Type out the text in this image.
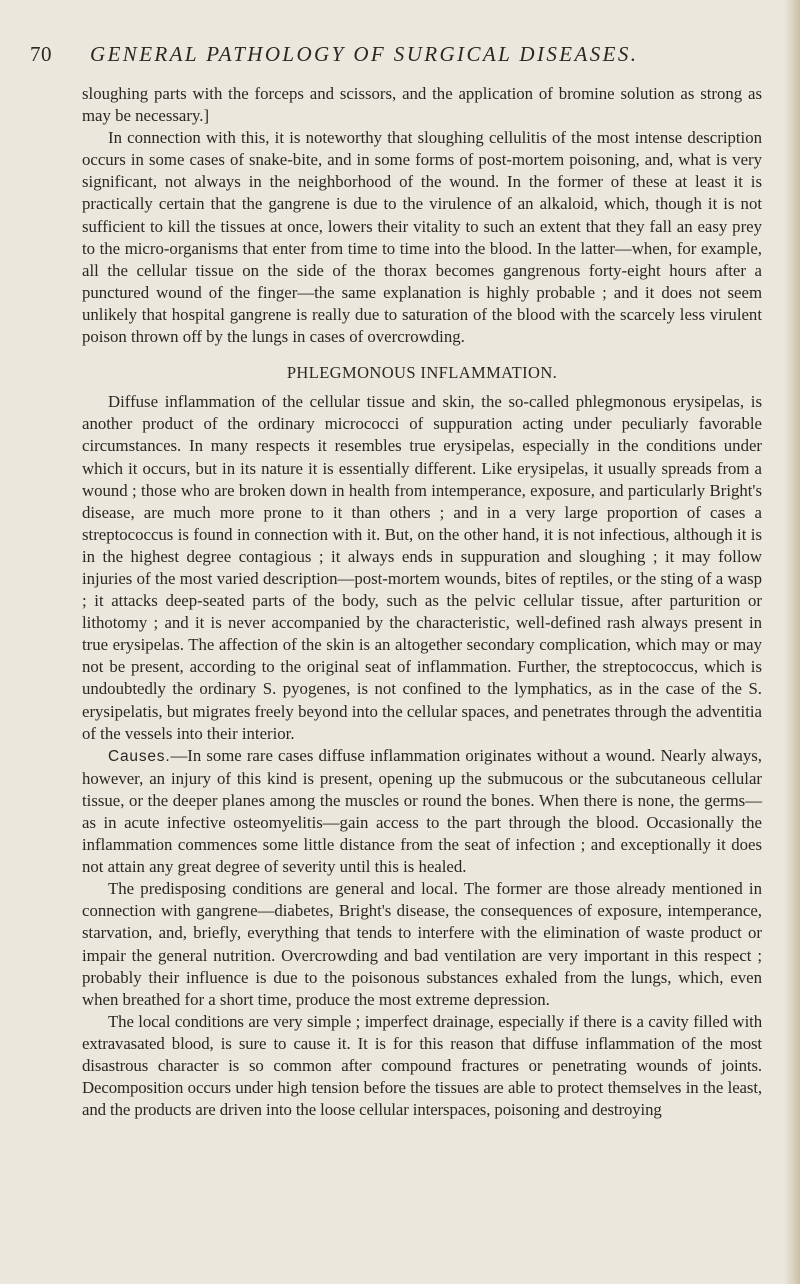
70 GENERAL PATHOLOGY OF SURGICAL DISEASES.

sloughing parts with the forceps and scissors, and the application of bromine solution as strong as may be necessary.]

In connection with this, it is noteworthy that sloughing cellulitis of the most intense description occurs in some cases of snake-bite, and in some forms of post-mortem poisoning, and, what is very significant, not always in the neighborhood of the wound. In the former of these at least it is practically certain that the gangrene is due to the virulence of an alkaloid, which, though it is not sufficient to kill the tissues at once, lowers their vitality to such an extent that they fall an easy prey to the micro-organisms that enter from time to time into the blood. In the latter—when, for example, all the cellular tissue on the side of the thorax becomes gangrenous forty-eight hours after a punctured wound of the finger—the same explanation is highly probable ; and it does not seem unlikely that hospital gangrene is really due to saturation of the blood with the scarcely less virulent poison thrown off by the lungs in cases of overcrowding.

PHLEGMONOUS INFLAMMATION.

Diffuse inflammation of the cellular tissue and skin, the so-called phlegmonous erysipelas, is another product of the ordinary micrococci of suppuration acting under peculiarly favorable circumstances. In many respects it resembles true erysipelas, especially in the conditions under which it occurs, but in its nature it is essentially different. Like erysipelas, it usually spreads from a wound ; those who are broken down in health from intemperance, exposure, and particularly Bright's disease, are much more prone to it than others ; and in a very large proportion of cases a streptococcus is found in connection with it. But, on the other hand, it is not infectious, although it is in the highest degree contagious ; it always ends in suppuration and sloughing ; it may follow injuries of the most varied description—post-mortem wounds, bites of reptiles, or the sting of a wasp ; it attacks deep-seated parts of the body, such as the pelvic cellular tissue, after parturition or lithotomy ; and it is never accompanied by the characteristic, well-defined rash always present in true erysipelas. The affection of the skin is an altogether secondary complication, which may or may not be present, according to the original seat of inflammation. Further, the streptococcus, which is undoubtedly the ordinary S. pyogenes, is not confined to the lymphatics, as in the case of the S. erysipelatis, but migrates freely beyond into the cellular spaces, and penetrates through the adventitia of the vessels into their interior.

Causes.—In some rare cases diffuse inflammation originates without a wound. Nearly always, however, an injury of this kind is present, opening up the submucous or the subcutaneous cellular tissue, or the deeper planes among the muscles or round the bones. When there is none, the germs—as in acute infective osteomyelitis—gain access to the part through the blood. Occasionally the inflammation commences some little distance from the seat of infection ; and exceptionally it does not attain any great degree of severity until this is healed.

The predisposing conditions are general and local. The former are those already mentioned in connection with gangrene—diabetes, Bright's disease, the consequences of exposure, intemperance, starvation, and, briefly, everything that tends to interfere with the elimination of waste product or impair the general nutrition. Overcrowding and bad ventilation are very important in this respect ; probably their influence is due to the poisonous substances exhaled from the lungs, which, even when breathed for a short time, produce the most extreme depression.

The local conditions are very simple ; imperfect drainage, especially if there is a cavity filled with extravasated blood, is sure to cause it. It is for this reason that diffuse inflammation of the most disastrous character is so common after compound fractures or penetrating wounds of joints. Decomposition occurs under high tension before the tissues are able to protect themselves in the least, and the products are driven into the loose cellular interspaces, poisoning and destroying
